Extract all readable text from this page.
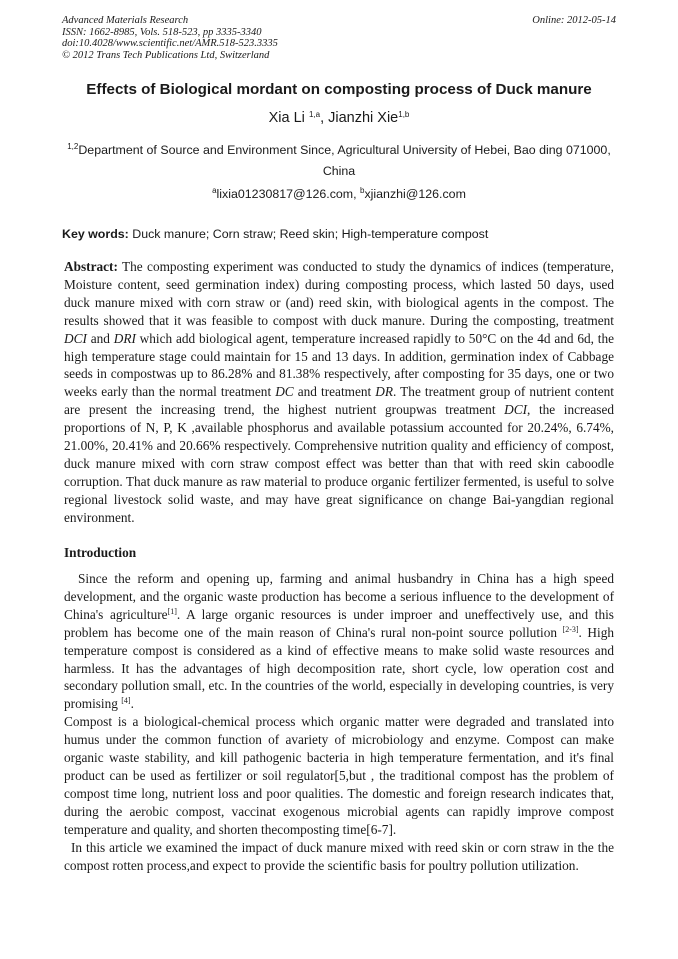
Advanced Materials Research
ISSN: 1662-8985, Vols. 518-523, pp 3335-3340
doi:10.4028/www.scientific.net/AMR.518-523.3335
© 2012 Trans Tech Publications Ltd, Switzerland
Online: 2012-05-14
Effects of Biological mordant on composting process of Duck manure
Xia Li $^{1,a}$, Jianzhi Xie$^{1,b}$
$^{1,2}$Department of Source and Environment Since, Agricultural University of Hebei, Bao ding 071000, China
$^a$lixia01230817@126.com, $^b$xjianzhi@126.com
Key words: Duck manure; Corn straw; Reed skin; High-temperature compost

Abstract: The composting experiment was conducted to study the dynamics of indices (temperature, Moisture content, seed germination index) during composting process, which lasted 50 days, used duck manure mixed with corn straw or (and) reed skin, with biological agents in the compost. The results showed that it was feasible to compost with duck manure. During the composting, treatment DCI and DRI which add biological agent, temperature increased rapidly to 50°C on the 4d and 6d, the high temperature stage could maintain for 15 and 13 days. In addition, germination index of Cabbage seeds in compostwas up to 86.28% and 81.38% respectively, after composting for 35 days, one or two weeks early than the normal treatment DC and treatment DR. The treatment group of nutrient content are present the increasing trend, the highest nutrient groupwas treatment DCI, the increased proportions of N, P, K ,available phosphorus and available potassium accounted for 20.24%, 6.74%, 21.00%, 20.41% and 20.66% respectively. Comprehensive nutrition quality and efficiency of compost, duck manure mixed with corn straw compost effect was better than that with reed skin caboodle corruption. That duck manure as raw material to produce organic fertilizer fermented, is useful to solve regional livestock solid waste, and may have great significance on change Bai-yangdian regional environment.

Introduction

Since the reform and opening up, farming and animal husbandry in China has a high speed development, and the organic waste production has become a serious influence to the development of China's agriculture[1]. A large organic resources is under improer and uneffectively use, and this problem has become one of the main reason of China's rural non-point source pollution [2-3]. High temperature compost is considered as a kind of effective means to make solid waste resources and harmless. It has the advantages of high decomposition rate, short cycle, low operation cost and secondary pollution small, etc. In the countries of the world, especially in developing countries, is very promising [4].

Compost is a biological-chemical process which organic matter were degraded and translated into humus under the common function of avariety of microbiology and enzyme. Compost can make organic waste stability, and kill pathogenic bacteria in high temperature fermentation, and it's final product can be used as fertilizer or soil regulator[5,but , the traditional compost has the problem of compost time long, nutrient loss and poor qualities. The domestic and foreign research indicates that, during the aerobic compost, vaccinat exogenous microbial agents can rapidly improve compost temperature and quality, and shorten thecomposting time[6-7].

In this article we examined the impact of duck manure mixed with reed skin or corn straw in the the compost rotten process,and expect to provide the scientific basis for poultry pollution utilization.
